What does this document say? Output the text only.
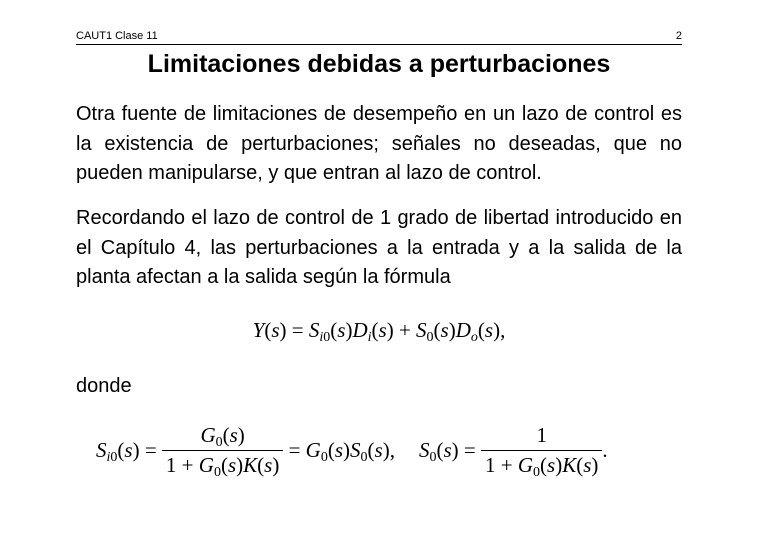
CAUT1 Clase 11	2

Limitaciones debidas a perturbaciones
Otra fuente de limitaciones de desempeño en un lazo de control es la existencia de perturbaciones; señales no deseadas, que no pueden manipularse, y que entran al lazo de control.
Recordando el lazo de control de 1 grado de libertad introducido en el Capítulo 4, las perturbaciones a la entrada y a la salida de la planta afectan a la salida según la fórmula
$Y(s) = S_{i0}(s)D_i(s) + S_0(s)D_o(s)$,
donde
$S_{i0}(s) = \frac{G_0(s)}{1 + G_0(s)K(s)} = G_0(s)S_0(s)$, $S_0(s) = \frac{1}{1 + G_0(s)K(s)}$ .
